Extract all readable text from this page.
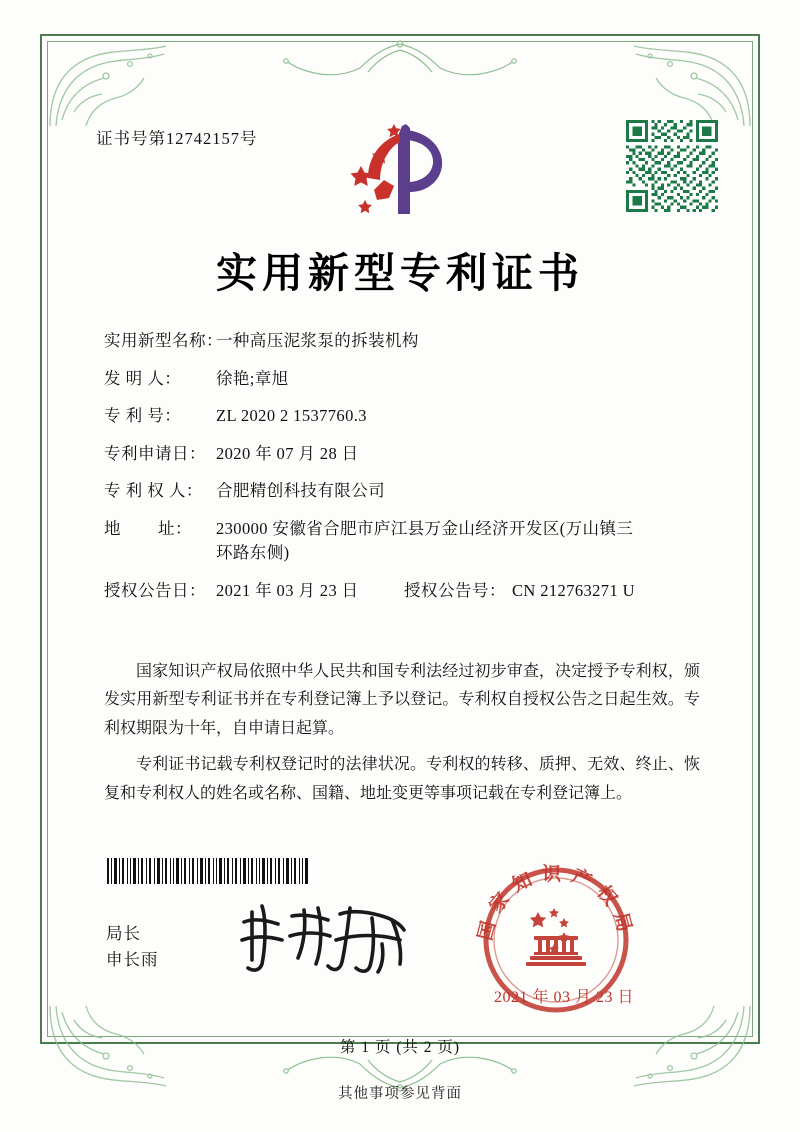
证书号第12742157号
实用新型专利证书
实用新型名称：
一种高压泥浆泵的拆装机构
发 明 人：	徐艳;章旭
专 利 号：	ZL 2020 2 1537760.3
专利申请日： 2020 年 07 月 28 日
专 利 权 人： 合肥精创科技有限公司
地        址：	230000 安徽省合肥市庐江县万金山经济开发区(万山镇三
环路东侧)
授权公告日： 2021 年 03 月 23 日	授权公告号： CN 212763271 U

国家知识产权局依照中华人民共和国专利法经过初步审查，决定授予专利权，颁发实用新型专利证书并在专利登记簿上予以登记。专利权自授权公告之日起生效。专利权期限为十年，自申请日起算。

专利证书记载专利权登记时的法律状况。专利权的转移、质押、无效、终止、恢复和专利权人的姓名或名称、国籍、地址变更等事项记载在专利登记簿上。

局长
申长雨
国家知识产权局
2021 年 03 月 23 日
第 1 页 (共 2 页)
其他事项参见背面
